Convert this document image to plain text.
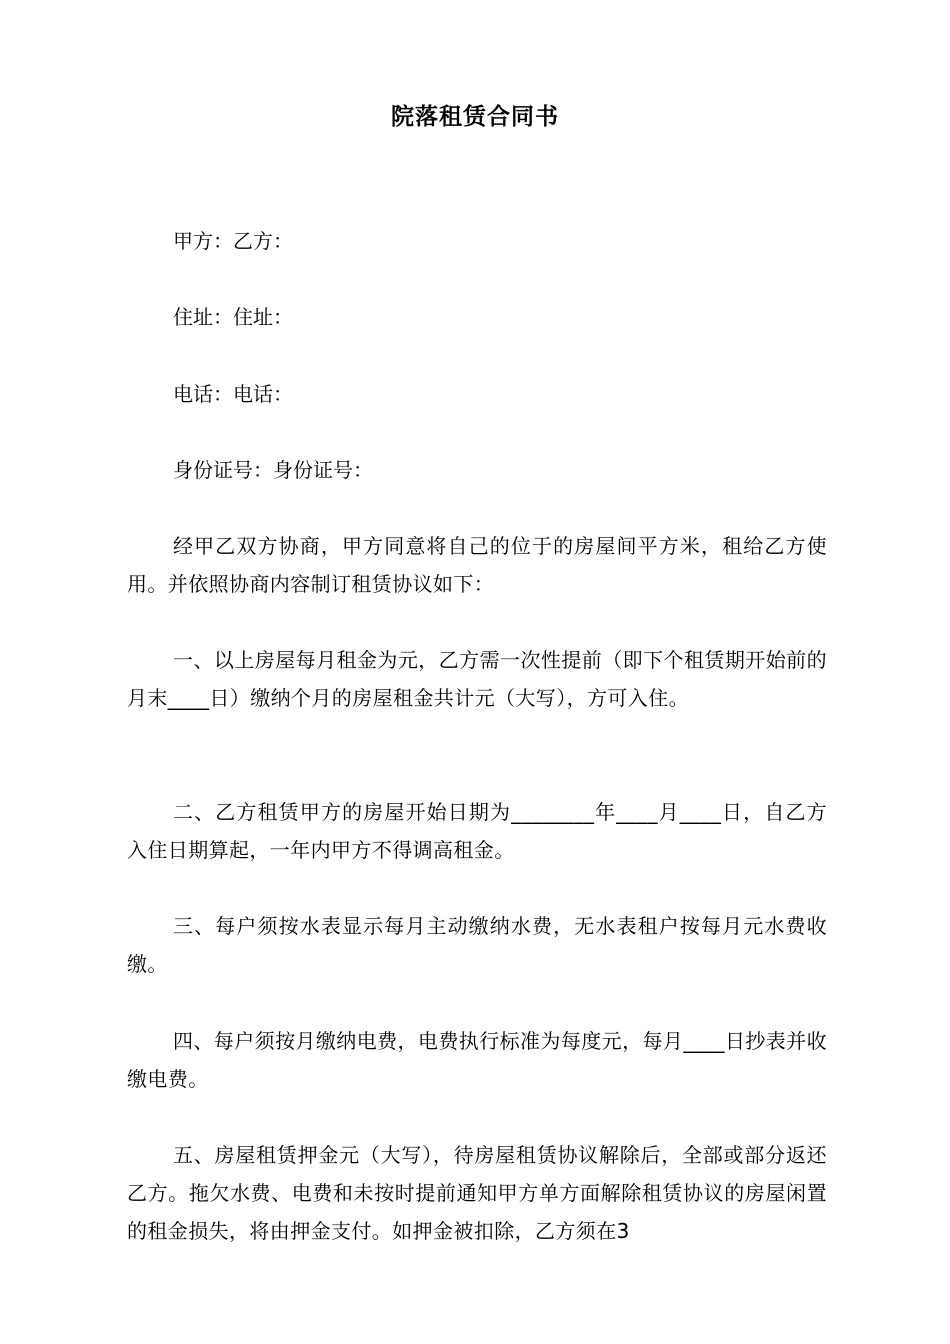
院落租赁合同书
甲方：乙方：
住址：住址：
电话：电话：
身份证号：身份证号：
经甲乙双方协商，甲方同意将自己的位于的房屋间平方米，租给乙方使用。并依照协商内容制订租赁协议如下：
一、以上房屋每月租金为元，乙方需一次性提前（即下个租赁期开始前的月末____日）缴纳个月的房屋租金共计元（大写），方可入住。
二、乙方租赁甲方的房屋开始日期为________年____月____日，自乙方入住日期算起，一年内甲方不得调高租金。
三、每户须按水表显示每月主动缴纳水费，无水表租户按每月元水费收缴。
四、每户须按月缴纳电费，电费执行标准为每度元，每月____日抄表并收缴电费。
五、房屋租赁押金元（大写），待房屋租赁协议解除后，全部或部分返还乙方。拖欠水费、电费和未按时提前通知甲方单方面解除租赁协议的房屋闲置的租金损失，将由押金支付。如押金被扣除，乙方须在3
